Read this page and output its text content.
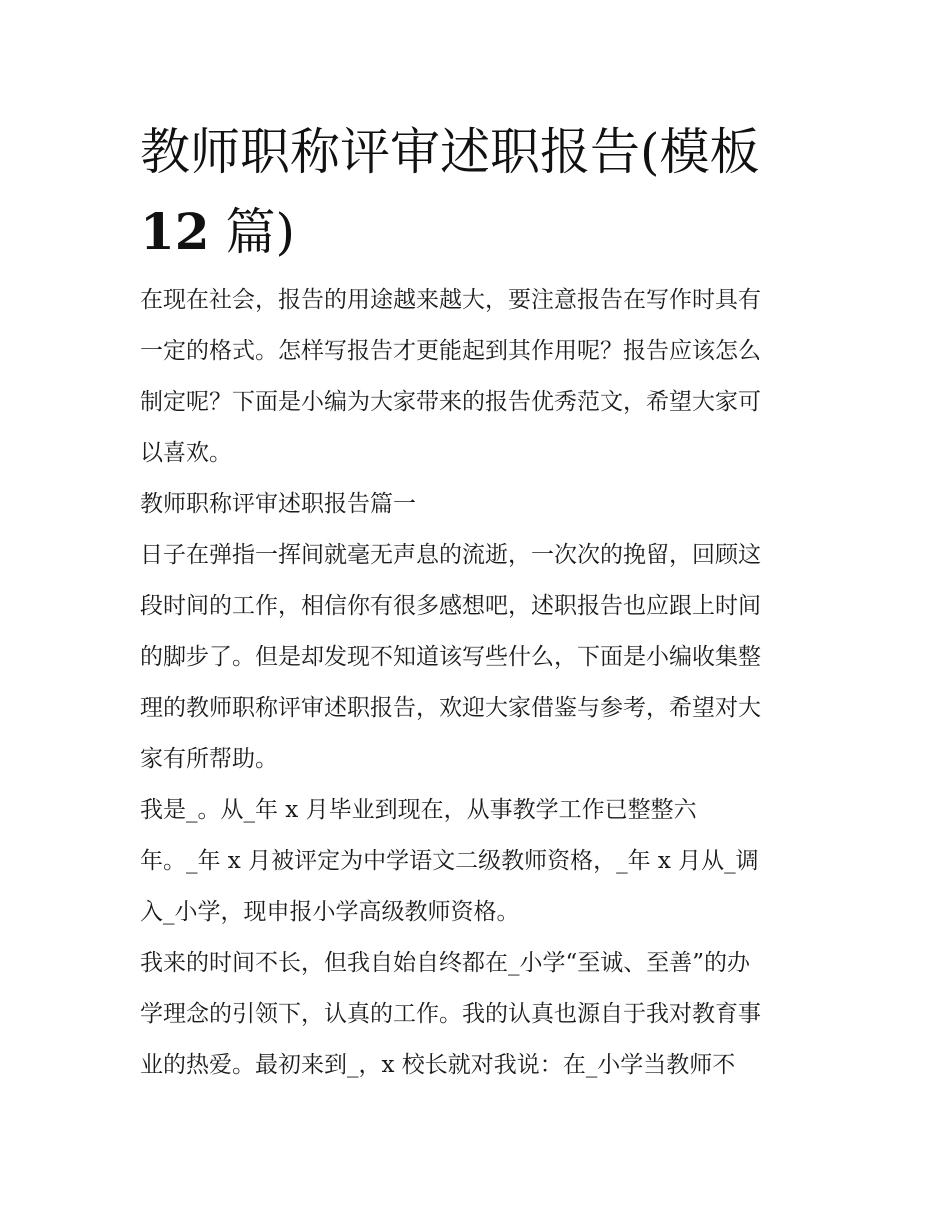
教师职称评审述职报告(模板
12 篇)

在现在社会，报告的用途越来越大，要注意报告在写作时具有

一定的格式。怎样写报告才更能起到其作用呢？报告应该怎么

制定呢？下面是小编为大家带来的报告优秀范文，希望大家可

以喜欢。

教师职称评审述职报告篇一

日子在弹指一挥间就毫无声息的流逝，一次次的挽留，回顾这

段时间的工作，相信你有很多感想吧，述职报告也应跟上时间

的脚步了。但是却发现不知道该写些什么，下面是小编收集整

理的教师职称评审述职报告，欢迎大家借鉴与参考，希望对大

家有所帮助。

我是_。从_年 x 月毕业到现在，从事教学工作已整整六

年。_年 x 月被评定为中学语文二级教师资格，_年 x 月从_调

入_小学，现申报小学高级教师资格。

我来的时间不长，但我自始自终都在_小学“至诚、至善”的办

学理念的引领下，认真的工作。我的认真也源自于我对教育事

业的热爱。最初来到_，x 校长就对我说：在_小学当教师不
